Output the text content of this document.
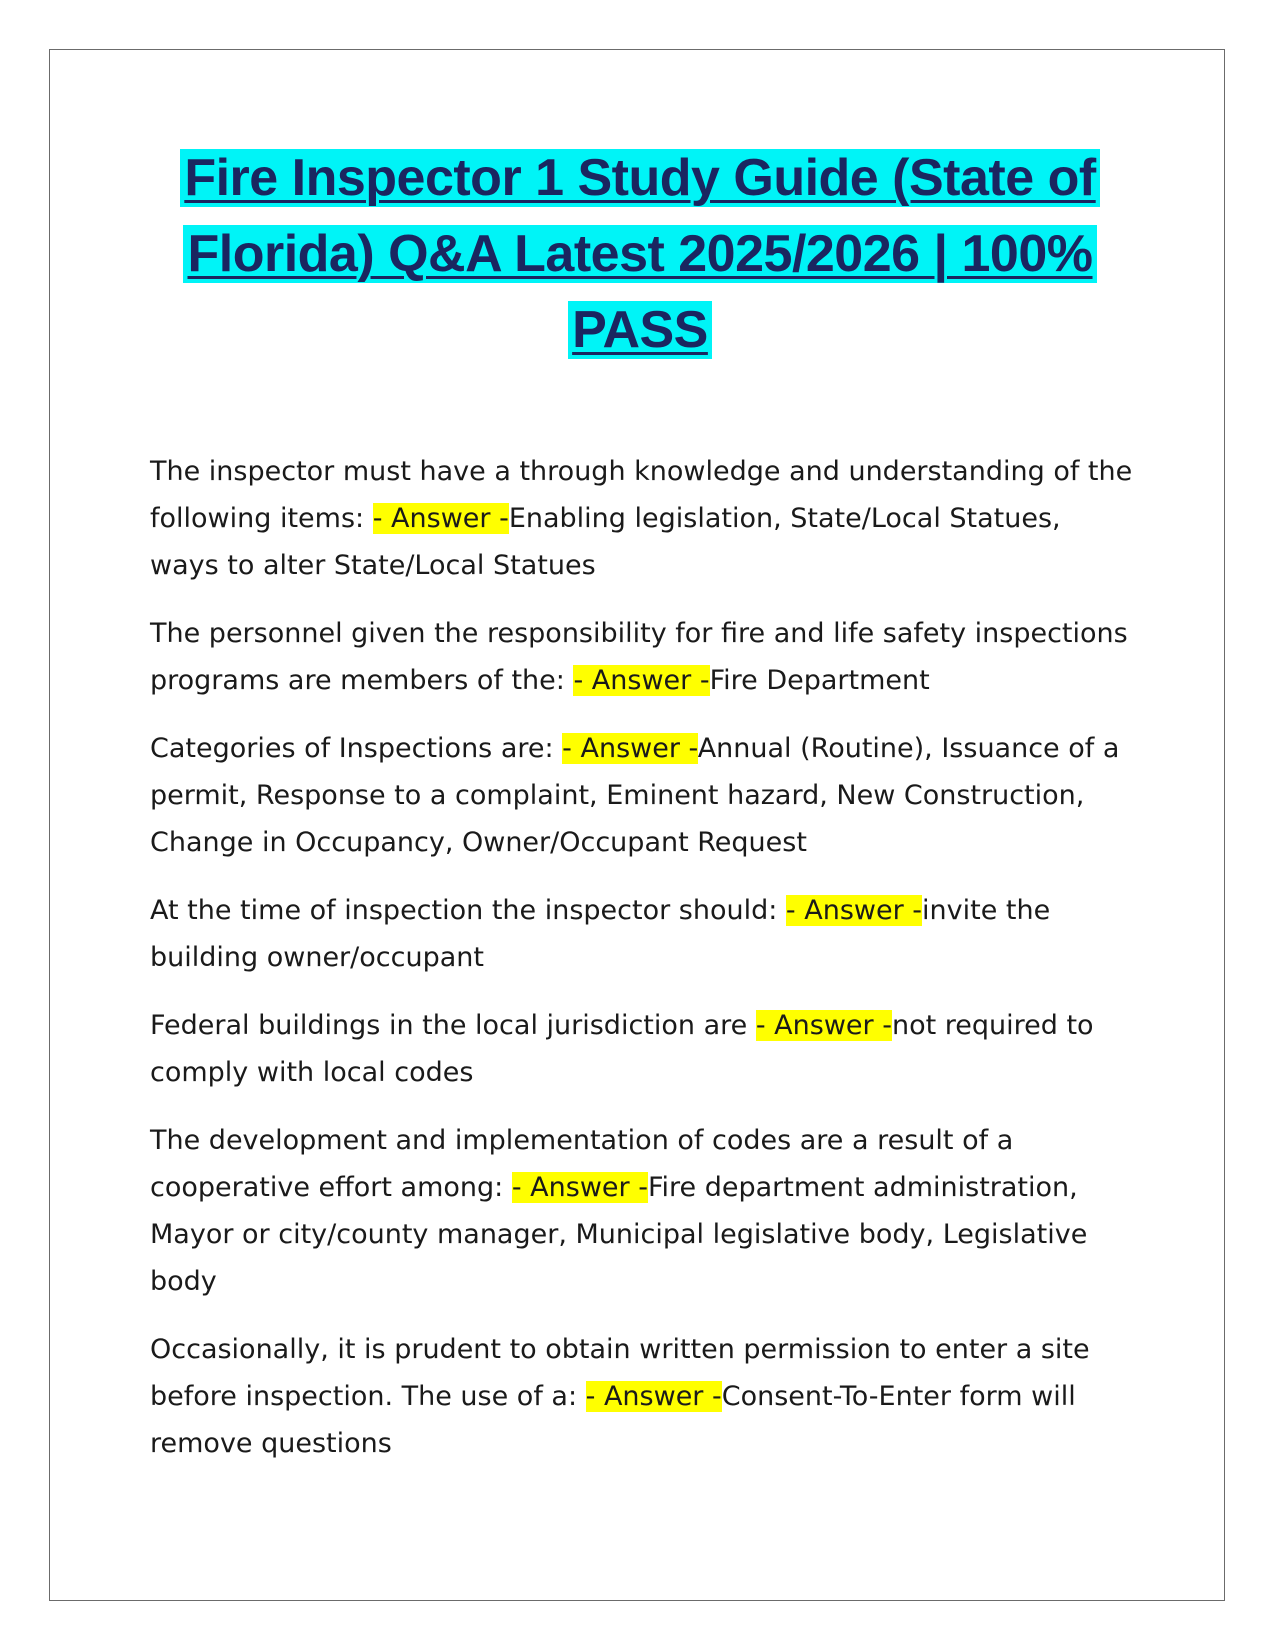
Fire Inspector 1 Study Guide (State of Florida) Q&A Latest 2025/2026 | 100% PASS

The inspector must have a through knowledge and understanding of the following items: - Answer -Enabling legislation, State/Local Statues, ways to alter State/Local Statues

The personnel given the responsibility for fire and life safety inspections programs are members of the: - Answer -Fire Department

Categories of Inspections are: - Answer -Annual (Routine), Issuance of a permit, Response to a complaint, Eminent hazard, New Construction, Change in Occupancy, Owner/Occupant Request

At the time of inspection the inspector should: - Answer -invite the building owner/occupant

Federal buildings in the local jurisdiction are - Answer -not required to comply with local codes

The development and implementation of codes are a result of a cooperative effort among: - Answer -Fire department administration, Mayor or city/county manager, Municipal legislative body, Legislative body

Occasionally, it is prudent to obtain written permission to enter a site before inspection. The use of a: - Answer -Consent-To-Enter form will remove questions
